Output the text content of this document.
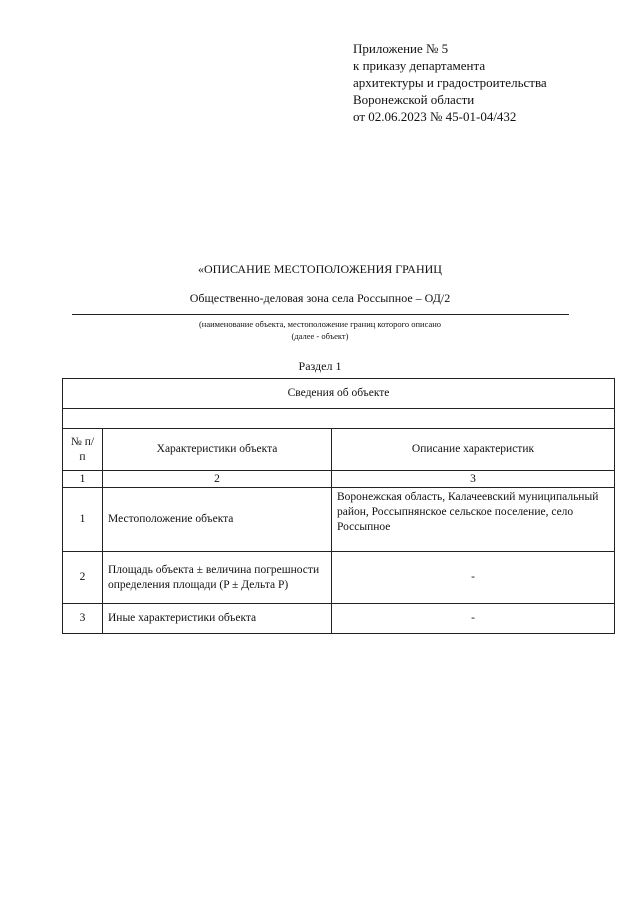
Приложение № 5
к приказу департамента
архитектуры и градостроительства
Воронежской области
от 02.06.2023 № 45-01-04/432
«ОПИСАНИЕ МЕСТОПОЛОЖЕНИЯ ГРАНИЦ
Общественно-деловая зона села Россыпное – ОД/2
(наименование объекта, местоположение границ которого описано
(далее - объект)
Раздел 1
Сведения об объекте		

№ п/п	Характеристики объекта	Описание характеристик
1	2	3
1	Местоположение объекта	Воронежская область, Калачеевский муниципальный район, Россыпнянское сельское поселение, село Россыпное
2	Площадь объекта ± величина погрешности определения площади (P ± Дельта P)	-
3	Иные характеристики объекта	-
